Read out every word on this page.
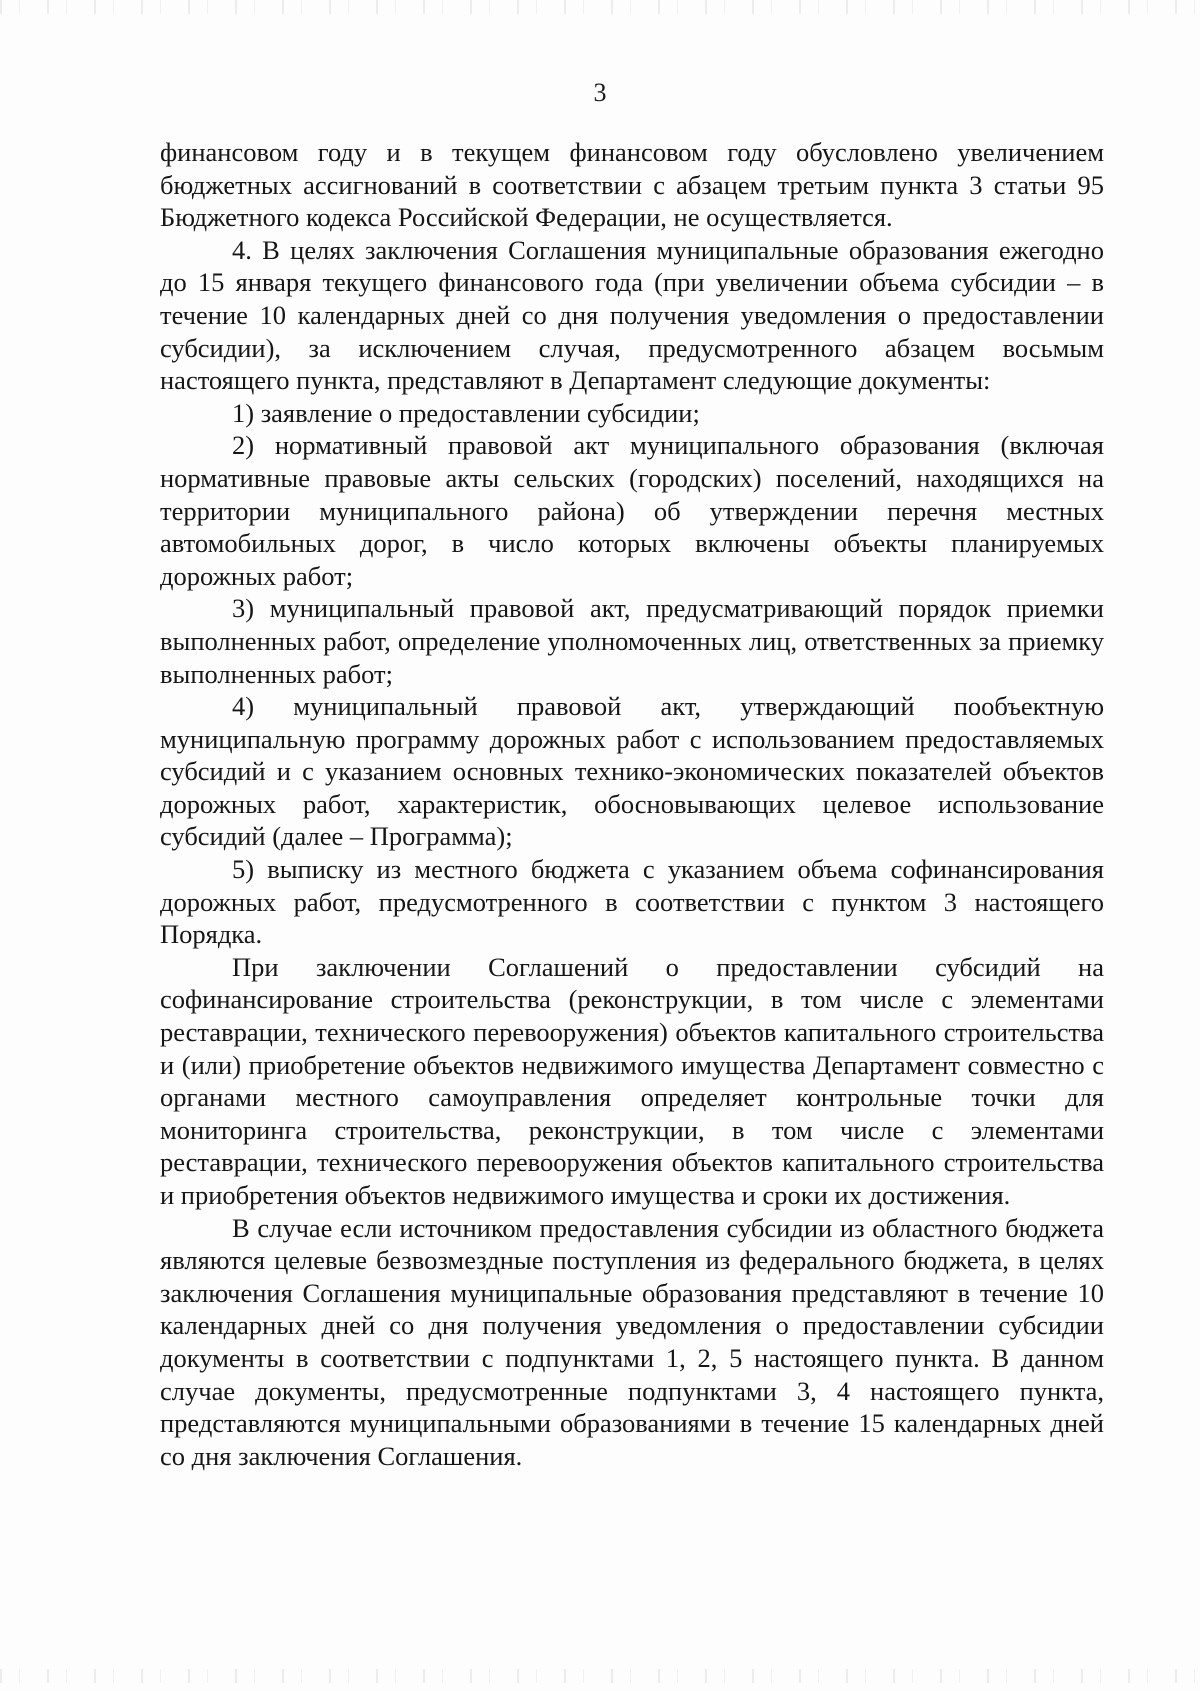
3

финансовом году и в текущем финансовом году обусловлено увеличением бюджетных ассигнований в соответствии с абзацем третьим пункта 3 статьи 95 Бюджетного кодекса Российской Федерации, не осуществляется.

4. В целях заключения Соглашения муниципальные образования ежегодно до 15 января текущего финансового года (при увеличении объема субсидии – в течение 10 календарных дней со дня получения уведомления о предоставлении субсидии), за исключением случая, предусмотренного абзацем восьмым настоящего пункта, представляют в Департамент следующие документы:

1) заявление о предоставлении субсидии;

2) нормативный правовой акт муниципального образования (включая нормативные правовые акты сельских (городских) поселений, находящихся на территории муниципального района) об утверждении перечня местных автомобильных дорог, в число которых включены объекты планируемых дорожных работ;

3) муниципальный правовой акт, предусматривающий порядок приемки выполненных работ, определение уполномоченных лиц, ответственных за приемку выполненных работ;

4) муниципальный правовой акт, утверждающий пообъектную муниципальную программу дорожных работ с использованием предоставляемых субсидий и с указанием основных технико-экономических показателей объектов дорожных работ, характеристик, обосновывающих целевое использование субсидий (далее – Программа);

5) выписку из местного бюджета с указанием объема софинансирования дорожных работ, предусмотренного в соответствии с пунктом 3 настоящего Порядка.

При заключении Соглашений о предоставлении субсидий на софинансирование строительства (реконструкции, в том числе с элементами реставрации, технического перевооружения) объектов капитального строительства и (или) приобретение объектов недвижимого имущества Департамент совместно с органами местного самоуправления определяет контрольные точки для мониторинга строительства, реконструкции, в том числе с элементами реставрации, технического перевооружения объектов капитального строительства и приобретения объектов недвижимого имущества и сроки их достижения.

В случае если источником предоставления субсидии из областного бюджета являются целевые безвозмездные поступления из федерального бюджета, в целях заключения Соглашения муниципальные образования представляют в течение 10 календарных дней со дня получения уведомления о предоставлении субсидии документы в соответствии с подпунктами 1, 2, 5 настоящего пункта. В данном случае документы, предусмотренные подпунктами 3, 4 настоящего пункта, представляются муниципальными образованиями в течение 15 календарных дней со дня заключения Соглашения.
